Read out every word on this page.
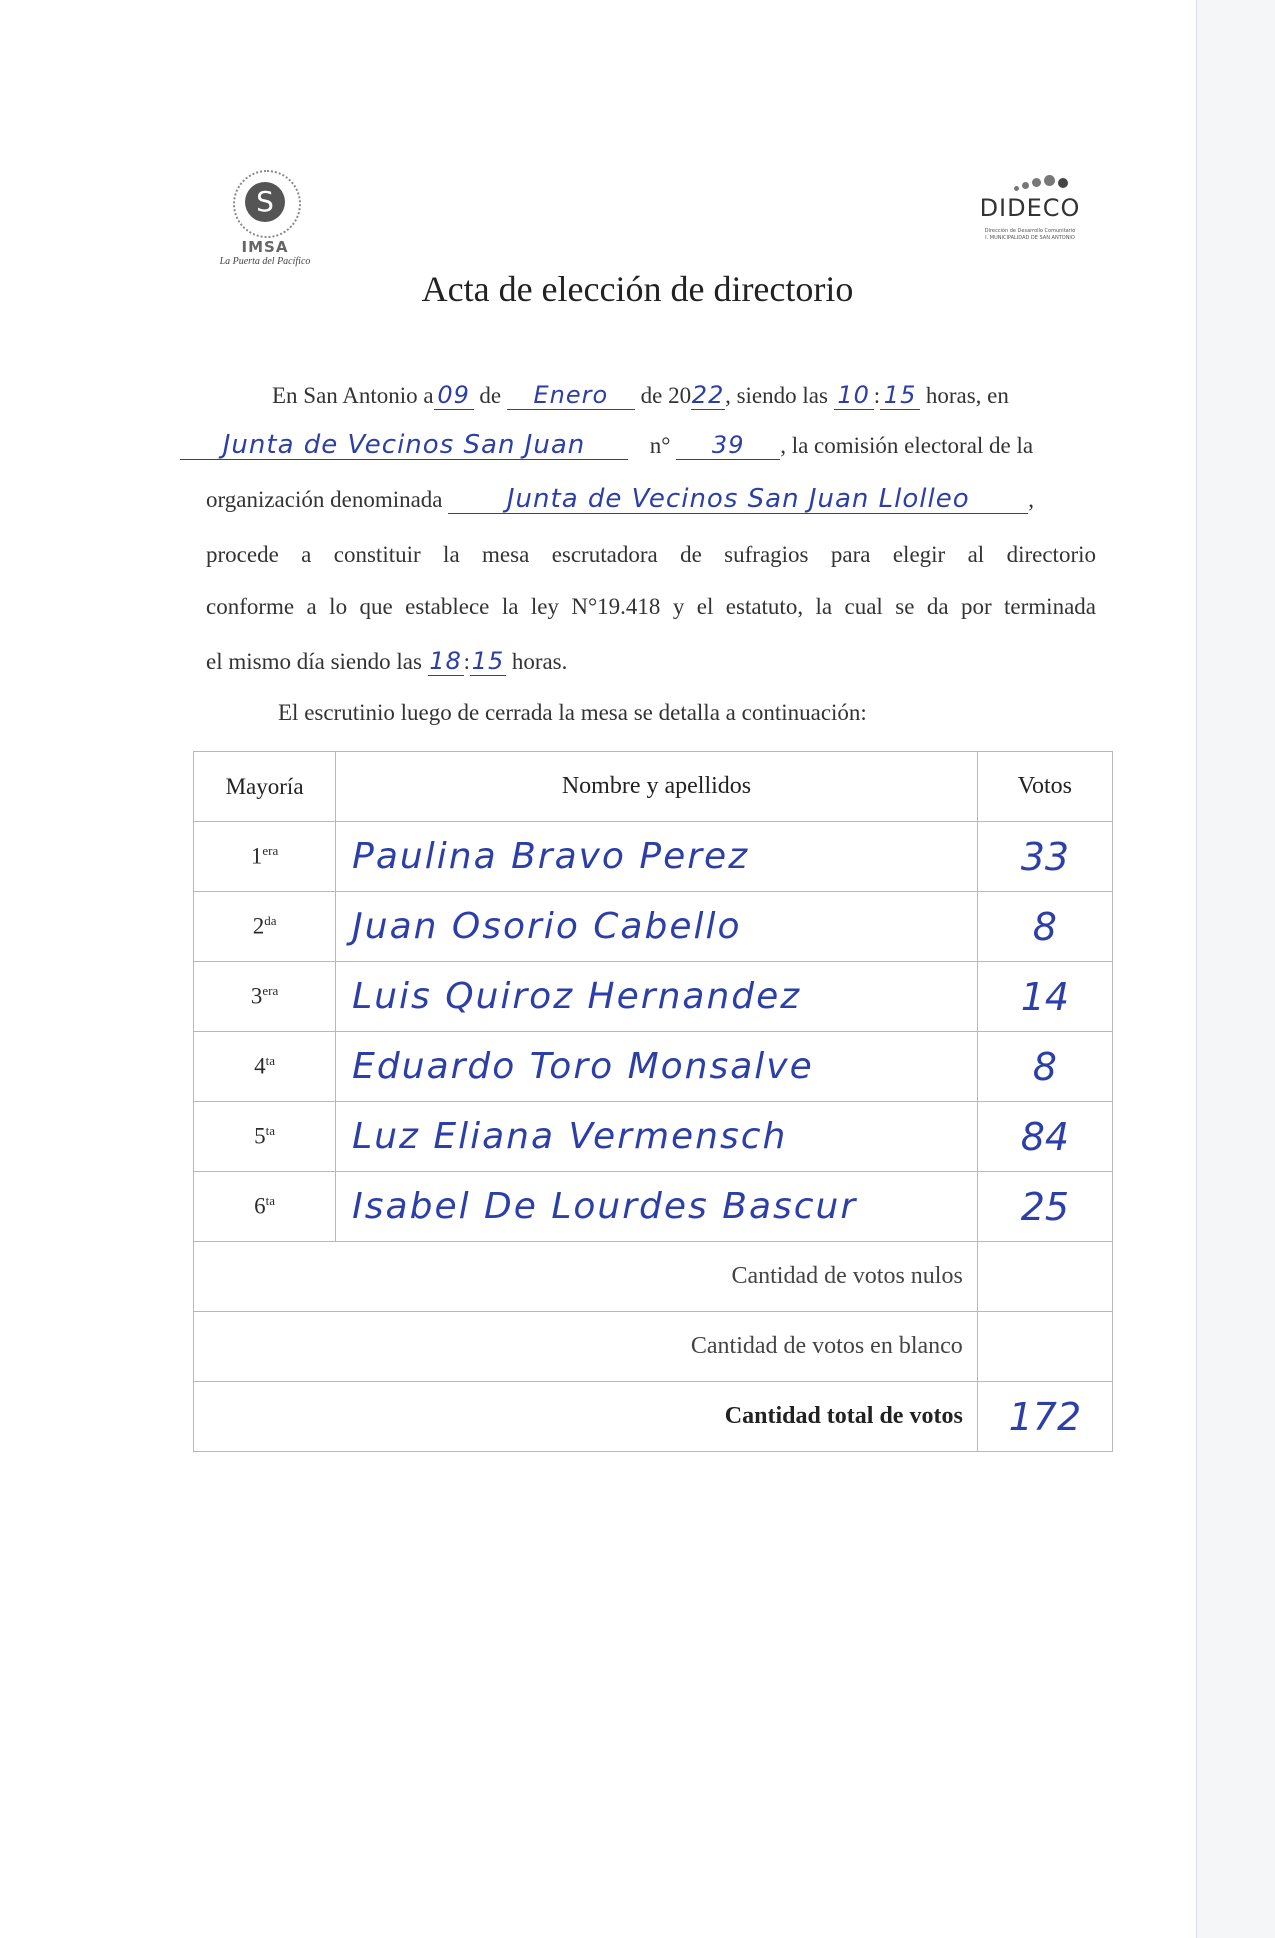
S
IMSA
La Puerta del Pacífico
DIDECO
Dirección de Desarrollo Comunitario
I. MUNICIPALIDAD DE SAN ANTONIO
Acta de elección de directorio
En San Antonio a 09 de Enero de 2022, siendo las 10 : 15 horas, en
Junta de Vecinos San Juan	n° 39 , la comisión electoral de la
organización denominada Junta de Vecinos San Juan Llolleo	,
procede a constituir la mesa escrutadora de sufragios para elegir al directorio
conforme a lo que establece la ley N°19.418 y el estatuto, la cual se da por terminada
el mismo día siendo las 18:15 horas.
El escrutinio luego de cerrada la mesa se detalla a continuación:
Mayoría	Nombre y apellidos	Votos
$1^{era}$	Paulina Bravo Perez	33
$2^{da}$	Juan Osorio Cabello	8
$3^{era}$	Luis Quiroz Hernandez	14
$4^{ta}$	Eduardo Toro Monsalve	8
$5^{ta}$	Luz Eliana Vermensch	84
$6^{ta}$	Isabel De Lourdes Bascur	25
Cantidad de votos nulos		
Cantidad de votos en blanco		
Cantidad total de votos		172
